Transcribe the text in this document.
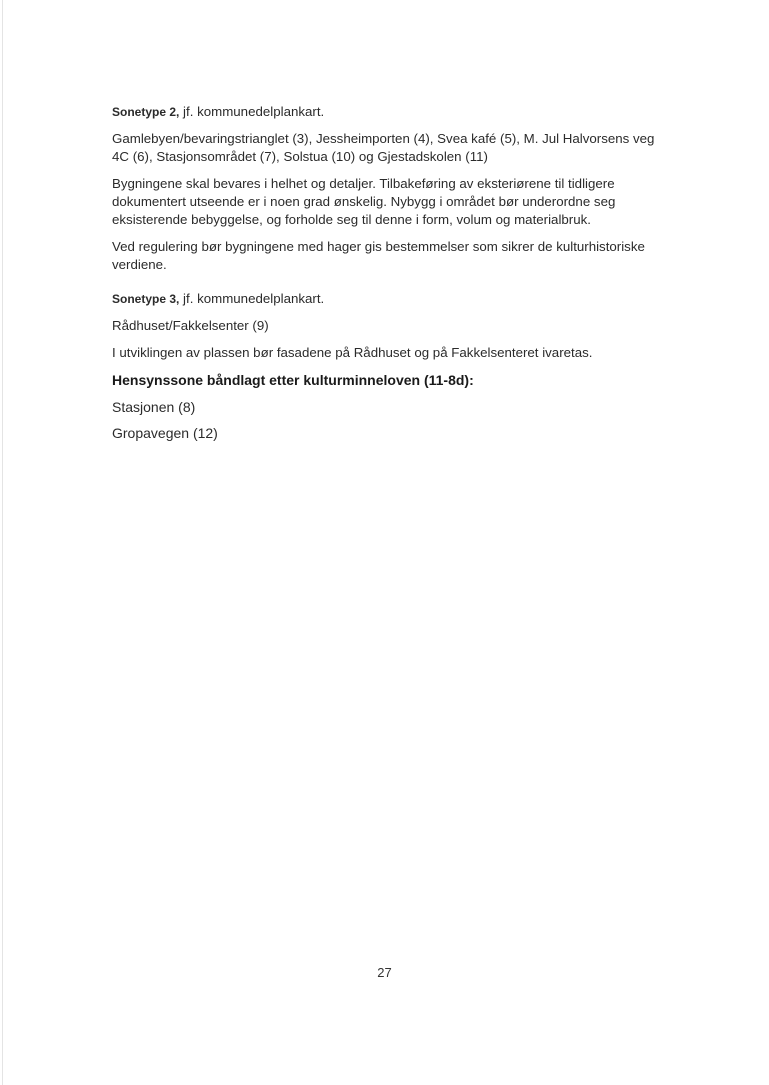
Sonetype 2, jf. kommunedelplankart.

Gamlebyen/bevaringstrianglet (3), Jessheimporten (4), Svea kafé (5), M. Jul Halvorsens veg 4C (6), Stasjonsområdet (7), Solstua (10) og Gjestadskolen (11)

Bygningene skal bevares i helhet og detaljer. Tilbakeføring av eksteriørene til tidligere dokumentert utseende er i noen grad ønskelig. Nybygg i området bør underordne seg eksisterende bebyggelse, og forholde seg til denne i form, volum og materialbruk.

Ved regulering bør bygningene med hager gis bestemmelser som sikrer de kulturhistoriske verdiene.

Sonetype 3, jf. kommunedelplankart.

Rådhuset/Fakkelsenter (9)

I utviklingen av plassen bør fasadene på Rådhuset og på Fakkelsenteret ivaretas.

Hensynssone båndlagt etter kulturminneloven (11-8d):
Stasjonen (8)
Gropavegen (12)
27
